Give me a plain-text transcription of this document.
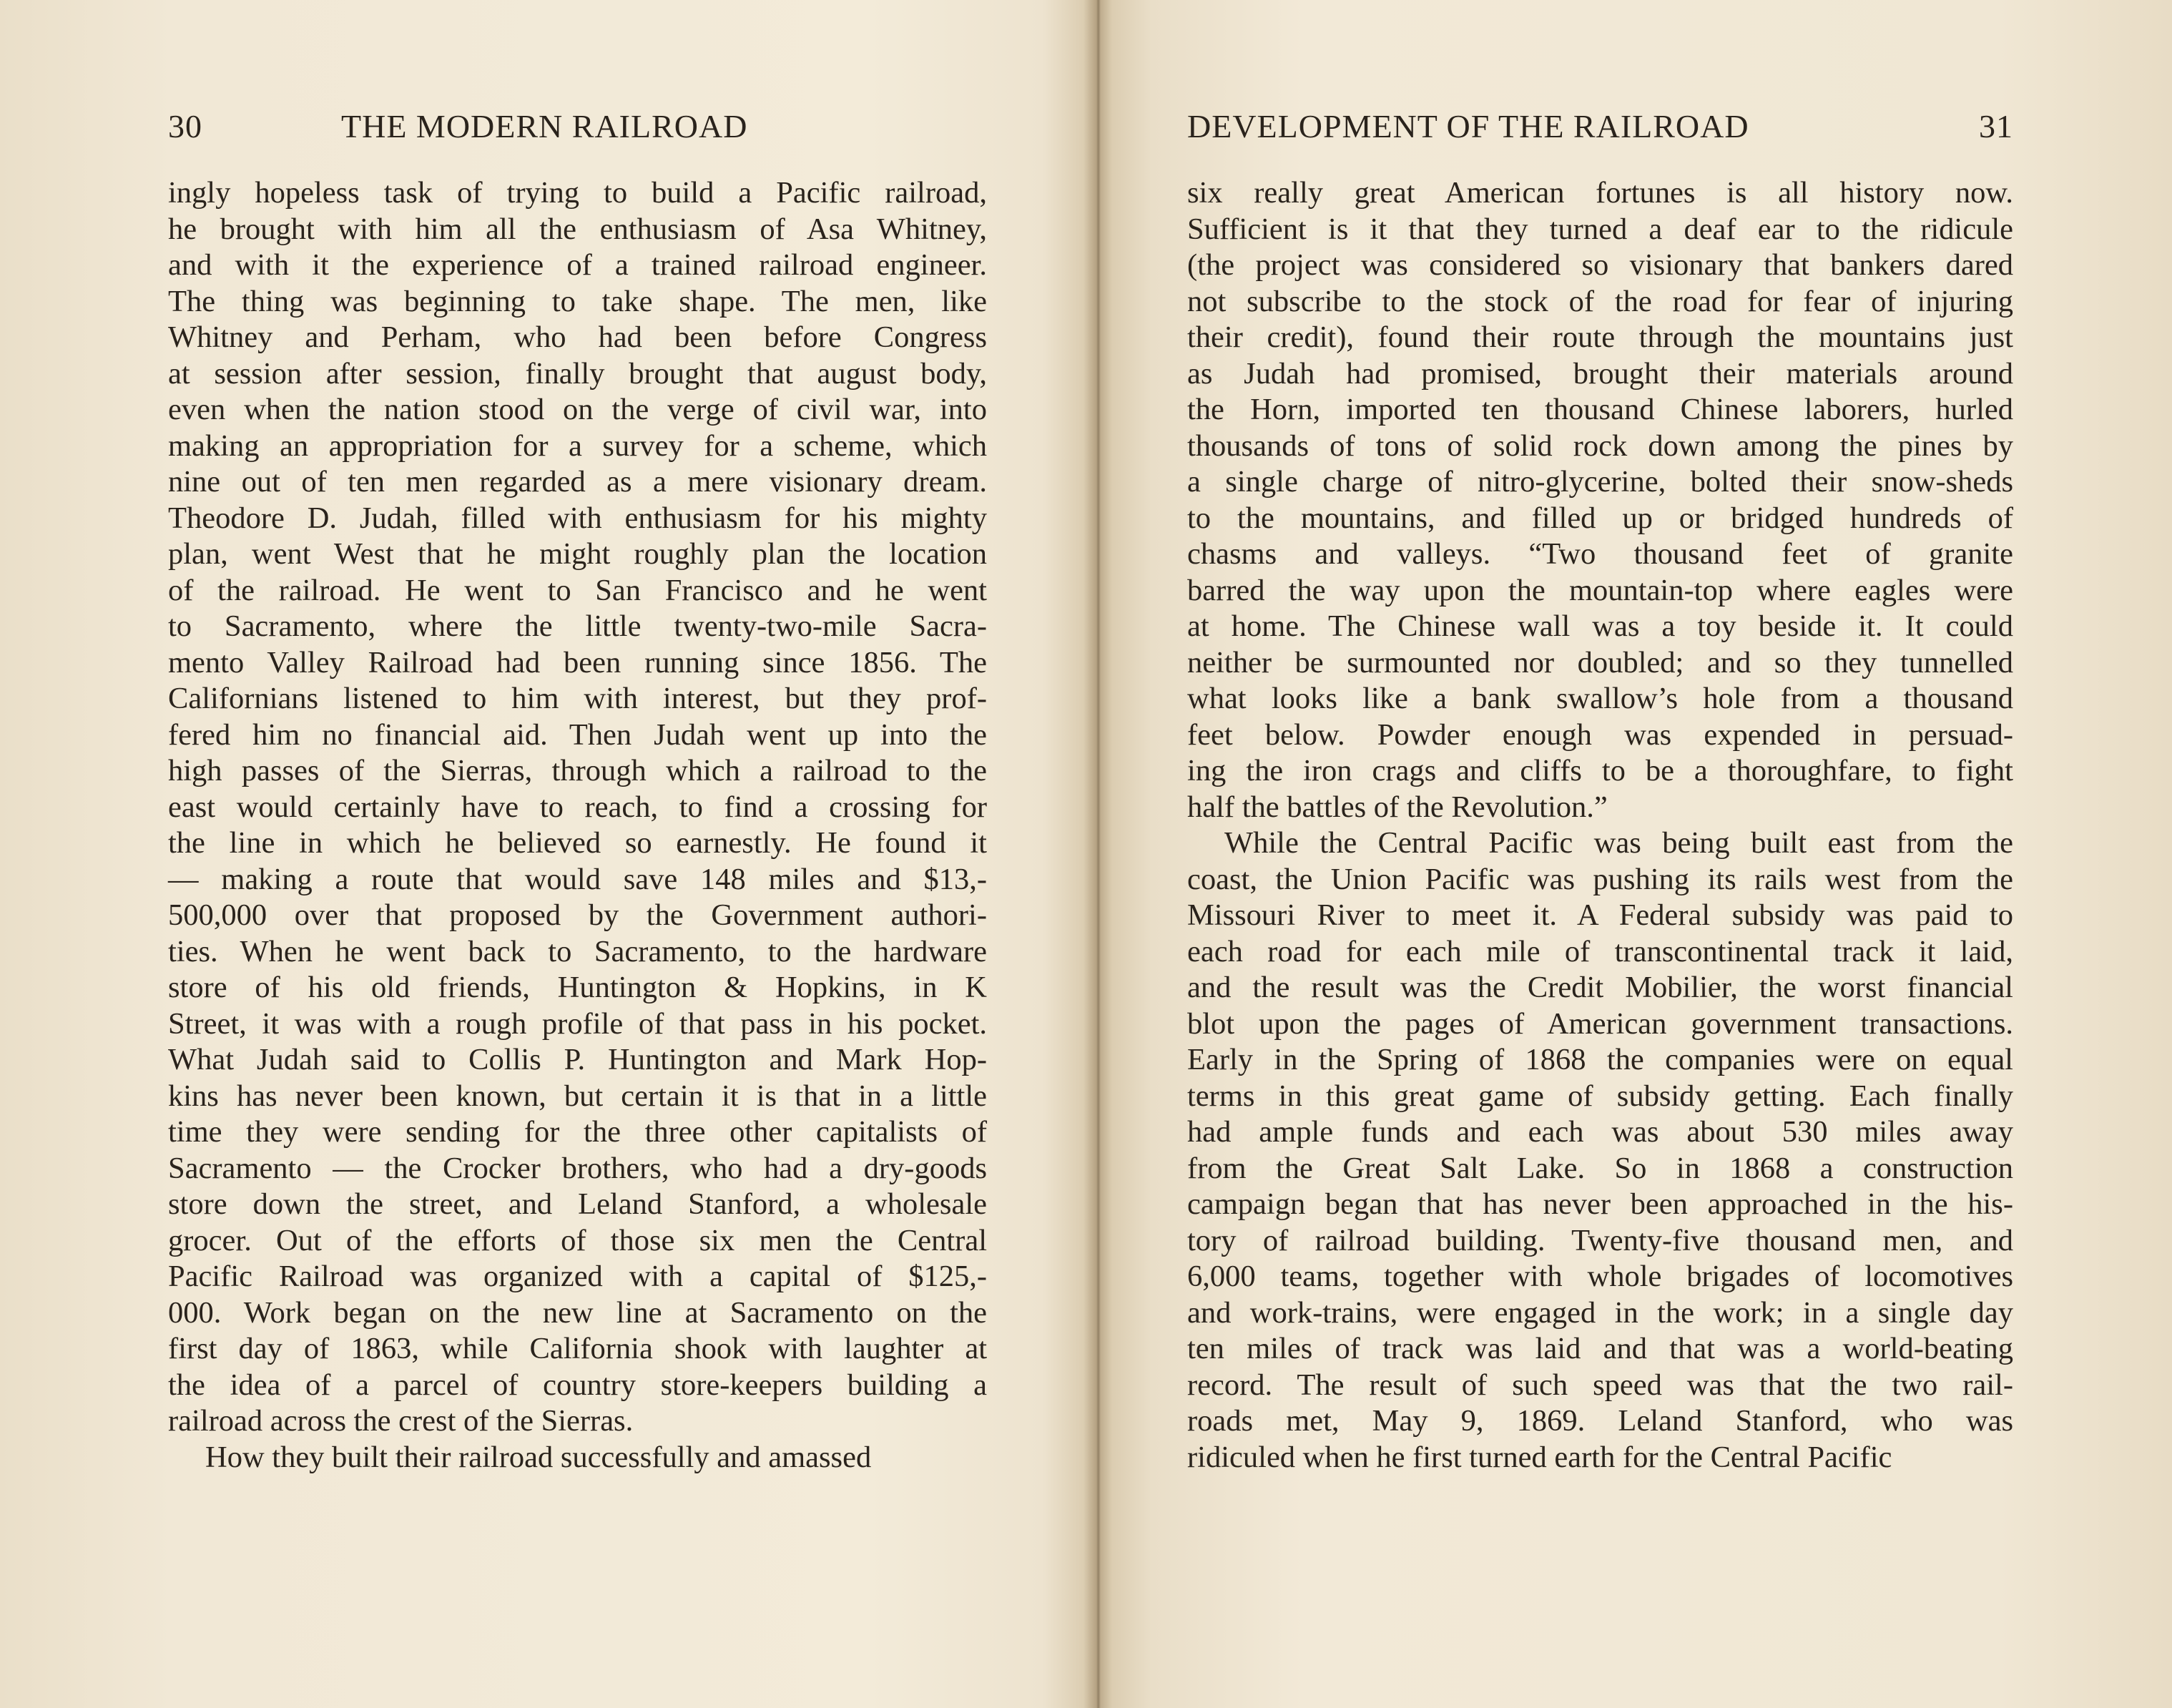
30	THE MODERN RAILROAD
ingly hopeless task of trying to build a Pacific railroad,
he brought with him all the enthusiasm of Asa Whitney,
and with it the experience of a trained railroad engineer.
The thing was beginning to take shape. The men, like
Whitney and Perham, who had been before Congress
at session after session, finally brought that august body,
even when the nation stood on the verge of civil war, into
making an appropriation for a survey for a scheme, which
nine out of ten men regarded as a mere visionary dream.
Theodore D. Judah, filled with enthusiasm for his mighty
plan, went West that he might roughly plan the location
of the railroad. He went to San Francisco and he went
to Sacramento, where the little twenty-two-mile Sacra-
mento Valley Railroad had been running since 1856. The
Californians listened to him with interest, but they prof-
fered him no financial aid. Then Judah went up into the
high passes of the Sierras, through which a railroad to the
east would certainly have to reach, to find a crossing for
the line in which he believed so earnestly. He found it
— making a route that would save 148 miles and $13,-
500,000 over that proposed by the Government authori-
ties. When he went back to Sacramento, to the hardware
store of his old friends, Huntington & Hopkins, in K
Street, it was with a rough profile of that pass in his pocket.
What Judah said to Collis P. Huntington and Mark Hop-
kins has never been known, but certain it is that in a little
time they were sending for the three other capitalists of
Sacramento — the Crocker brothers, who had a dry-goods
store down the street, and Leland Stanford, a wholesale
grocer. Out of the efforts of those six men the Central
Pacific Railroad was organized with a capital of $125,-
000. Work began on the new line at Sacramento on the
first day of 1863, while California shook with laughter at
the idea of a parcel of country store-keepers building a
railroad across the crest of the Sierras.
How they built their railroad successfully and amassed
DEVELOPMENT OF THE RAILROAD	31
six really great American fortunes is all history now.
Sufficient is it that they turned a deaf ear to the ridicule
(the project was considered so visionary that bankers dared
not subscribe to the stock of the road for fear of injuring
their credit), found their route through the mountains just
as Judah had promised, brought their materials around
the Horn, imported ten thousand Chinese laborers, hurled
thousands of tons of solid rock down among the pines by
a single charge of nitro-glycerine, bolted their snow-sheds
to the mountains, and filled up or bridged hundreds of
chasms and valleys. “Two thousand feet of granite
barred the way upon the mountain-top where eagles were
at home. The Chinese wall was a toy beside it. It could
neither be surmounted nor doubled; and so they tunnelled
what looks like a bank swallow’s hole from a thousand
feet below. Powder enough was expended in persuad-
ing the iron crags and cliffs to be a thoroughfare, to fight
half the battles of the Revolution.”
While the Central Pacific was being built east from the
coast, the Union Pacific was pushing its rails west from the
Missouri River to meet it. A Federal subsidy was paid to
each road for each mile of transcontinental track it laid,
and the result was the Credit Mobilier, the worst financial
blot upon the pages of American government transactions.
Early in the Spring of 1868 the companies were on equal
terms in this great game of subsidy getting. Each finally
had ample funds and each was about 530 miles away
from the Great Salt Lake. So in 1868 a construction
campaign began that has never been approached in the his-
tory of railroad building. Twenty-five thousand men, and
6,000 teams, together with whole brigades of locomotives
and work-trains, were engaged in the work; in a single day
ten miles of track was laid and that was a world-beating
record. The result of such speed was that the two rail-
roads met, May 9, 1869. Leland Stanford, who was
ridiculed when he first turned earth for the Central Pacific
